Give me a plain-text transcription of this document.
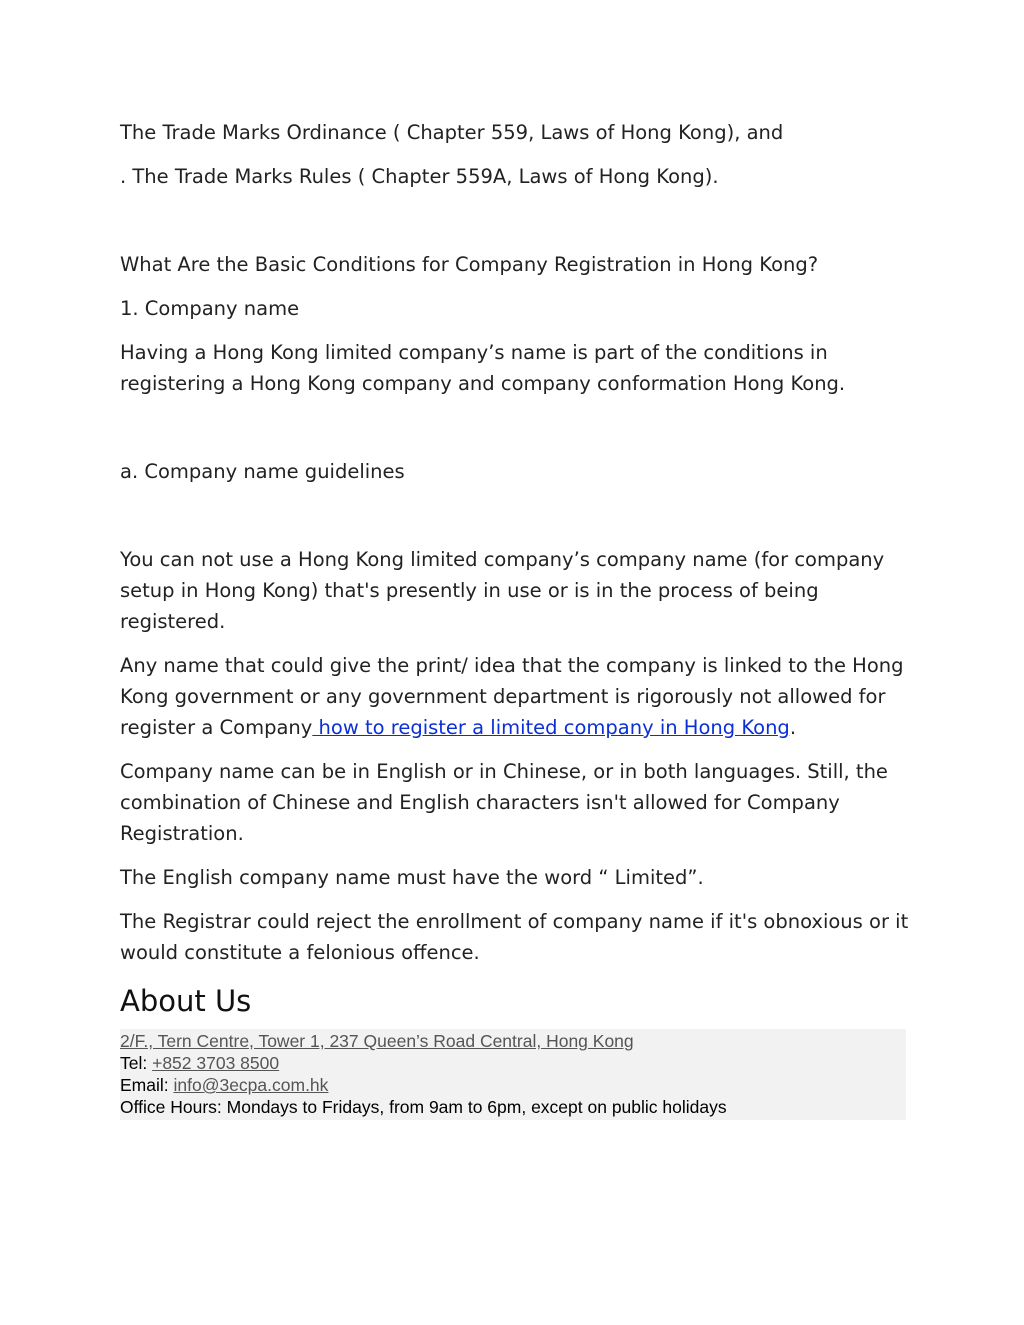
The Trade Marks Ordinance ( Chapter 559, Laws of Hong Kong), and

. The Trade Marks Rules ( Chapter 559A, Laws of Hong Kong).

What Are the Basic Conditions for Company Registration in Hong Kong?

1. Company name

Having a Hong Kong limited company’s name is part of the conditions in registering a Hong Kong company and company conformation Hong Kong.

a. Company name guidelines

You can not use a Hong Kong limited company’s company name (for company setup in Hong Kong) that's presently in use or is in the process of being registered.

Any name that could give the print/ idea that the company is linked to the Hong Kong government or any government department is rigorously not allowed for register a Company how to register a limited company in Hong Kong.

Company name can be in English or in Chinese, or in both languages. Still, the combination of Chinese and English characters isn't allowed for Company Registration.

The English company name must have the word “ Limited”.

The Registrar could reject the enrollment of company name if it's obnoxious or it would constitute a felonious offence.

About Us
2/F., Tern Centre, Tower 1, 237 Queen’s Road Central, Hong Kong
Tel: +852 3703 8500
Email: info@3ecpa.com.hk
Office Hours: Mondays to Fridays, from 9am to 6pm, except on public holidays
